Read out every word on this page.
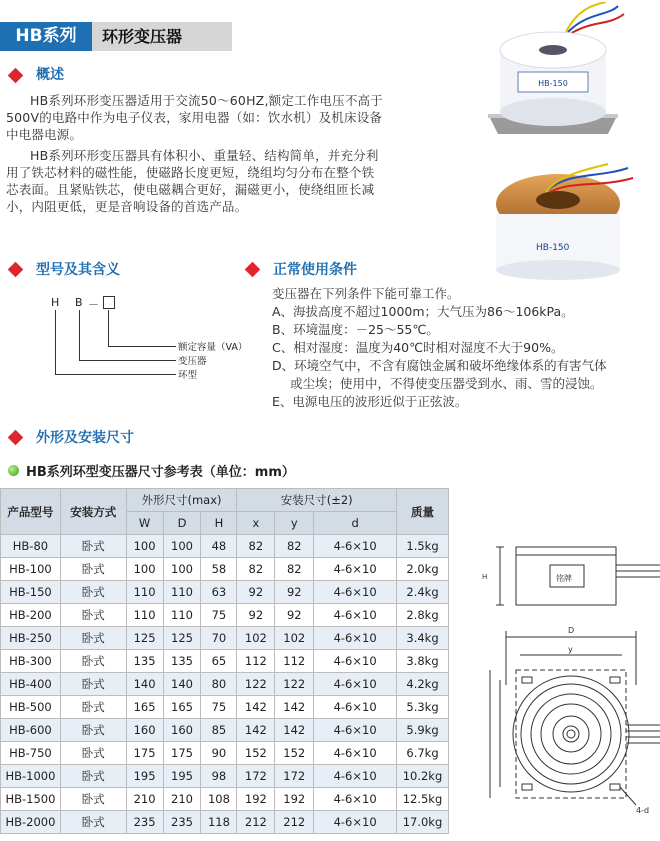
HB系列	环形变压器
概述
HB系列环形变压器适用于交流50～60HZ,额定工作电压不高于
500V的电路中作为电子仪表，家用电器（如：饮水机）及机床设备
中电器电源。
HB系列环形变压器具有体积小、重量轻、结构简单，并充分利
用了铁芯材料的磁性能，使磁路长度更短，绕组均匀分布在整个铁
芯表面。且紧贴铁芯，使电磁耦合更好，漏磁更小，使绕组匝长减
小，内阻更低，更是音响设备的首选产品。
HB-150
HB-150
型号及其含义
H B －
额定容量（VA）
变压器
环型
正常使用条件
变压器在下列条件下能可靠工作。
A、海拔高度不超过1000m；大气压为86～106kPa。
B、环境温度：－25～55℃。
C、相对湿度：温度为40℃时相对湿度不大于90%。
D、环境空气中，不含有腐蚀金属和破坏绝缘体系的有害气体
或尘埃；使用中，不得使变压器受到水、雨、雪的浸蚀。
E、电源电压的波形近似于正弦波。
外形及安装尺寸
HB系列环型变压器尺寸参考表（单位：mm）
产品型号	安装方式	外形尺寸(max)			安装尺寸(±2)			质量
		W	D	H	x	y	d	
HB-80	卧式	100	100	48	82	82	4-6×10	1.5kg
HB-100	卧式	100	100	58	82	82	4-6×10	2.0kg
HB-150	卧式	110	110	63	92	92	4-6×10	2.4kg
HB-200	卧式	110	110	75	92	92	4-6×10	2.8kg
HB-250	卧式	125	125	70	102	102	4-6×10	3.4kg
HB-300	卧式	135	135	65	112	112	4-6×10	3.8kg
HB-400	卧式	140	140	80	122	122	4-6×10	4.2kg
HB-500	卧式	165	165	75	142	142	4-6×10	5.3kg
HB-600	卧式	160	160	85	142	142	4-6×10	5.9kg
HB-750	卧式	175	175	90	152	152	4-6×10	6.7kg
HB-1000	卧式	195	195	98	172	172	4-6×10	10.2kg
HB-1500	卧式	210	210	108	192	192	4-6×10	12.5kg
HB-2000	卧式	235	235	118	212	212	4-6×10	17.0kg
铭牌
D
y
H
4-d
